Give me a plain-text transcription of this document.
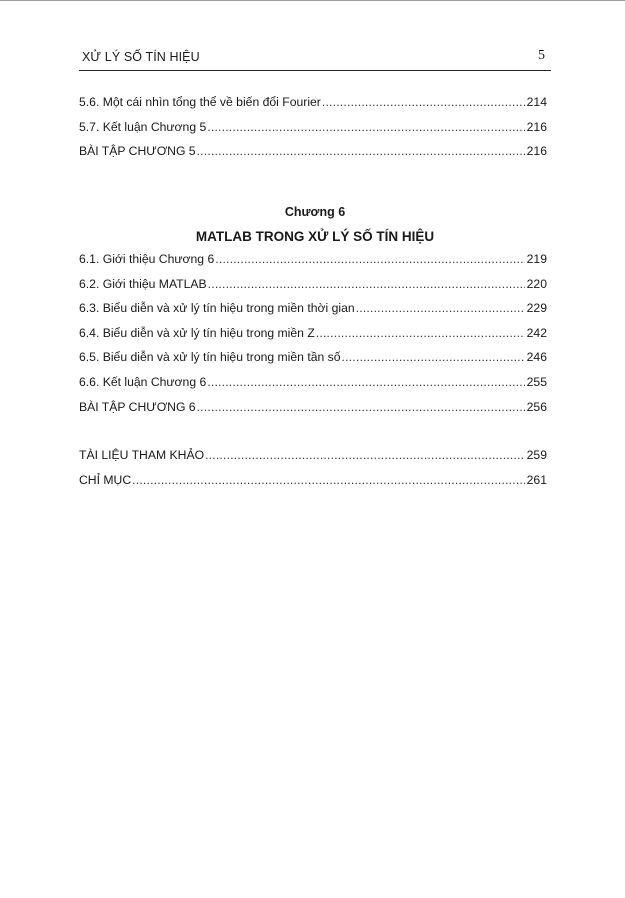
XỬ LÝ SỐ TÍN HIỆU	5
5.6. Một cái nhìn tổng thể về biến đổi Fourier .....	214
5.7. Kết luận Chương 5 .....	216
BÀI TẬP CHƯƠNG 5 .....	216
Chương 6
MATLAB TRONG XỬ LÝ SỐ TÍN HIỆU
6.1. Giới thiệu Chương 6 .....	219
6.2. Giới thiệu MATLAB .....	220
6.3. Biểu diễn và xử lý tín hiệu trong miền thời gian .....	229
6.4. Biểu diễn và xử lý tín hiệu trong miền Z .....	242
6.5. Biểu diễn và xử lý tín hiệu trong miền tần số .....	246
6.6. Kết luận Chương 6 .....	255
BÀI TẬP CHƯƠNG 6 .....	256
TÀI LIỆU THAM KHẢO .....	259
CHỈ MỤC .....	261
